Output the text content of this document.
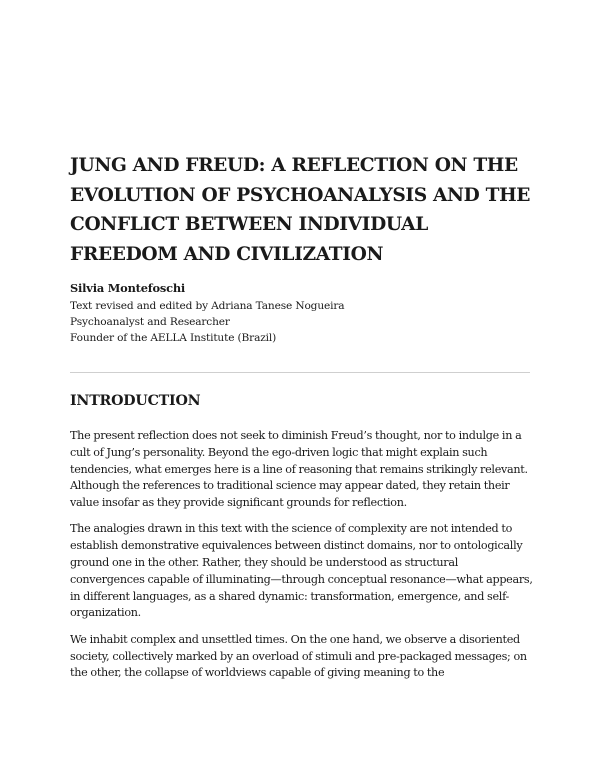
JUNG AND FREUD: A REFLECTION ON THE EVOLUTION OF PSYCHOANALYSIS AND THE CONFLICT BETWEEN INDIVIDUAL FREEDOM AND CIVILIZATION
Silvia Montefoschi
Text revised and edited by Adriana Tanese Nogueira
Psychoanalyst and Researcher
Founder of the AELLA Institute (Brazil)
INTRODUCTION

The present reflection does not seek to diminish Freud’s thought, nor to indulge in a cult of Jung’s personality. Beyond the ego-driven logic that might explain such tendencies, what emerges here is a line of reasoning that remains strikingly relevant. Although the references to traditional science may appear dated, they retain their value insofar as they provide significant grounds for reflection.

The analogies drawn in this text with the science of complexity are not intended to establish demonstrative equivalences between distinct domains, nor to ontologically ground one in the other. Rather, they should be understood as structural convergences capable of illuminating—through conceptual resonance—what appears, in different languages, as a shared dynamic: transformation, emergence, and self-organization.

We inhabit complex and unsettled times. On the one hand, we observe a disoriented society, collectively marked by an overload of stimuli and pre-packaged messages; on the other, the collapse of worldviews capable of giving meaning to the
